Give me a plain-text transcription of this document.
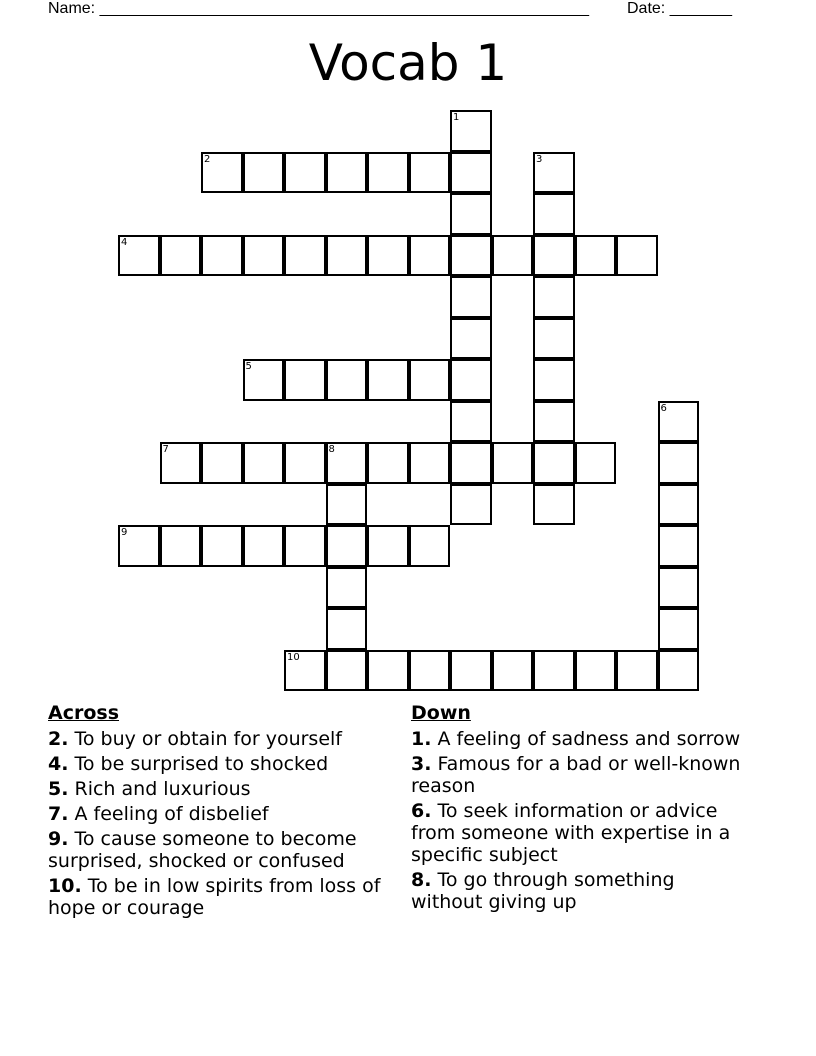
Name: _______________________________________________________ Date: _______
Vocab 1
1
2	3
4
5
6
7	8
9
10
Across
2. To buy or obtain for yourself
4. To be surprised to shocked
5. Rich and luxurious
7. A feeling of disbelief
9. To cause someone to become surprised, shocked or confused
10. To be in low spirits from loss of hope or courage
Down
1. A feeling of sadness and sorrow
3. Famous for a bad or well-known reason
6. To seek information or advice from someone with expertise in a specific subject
8. To go through something without giving up
